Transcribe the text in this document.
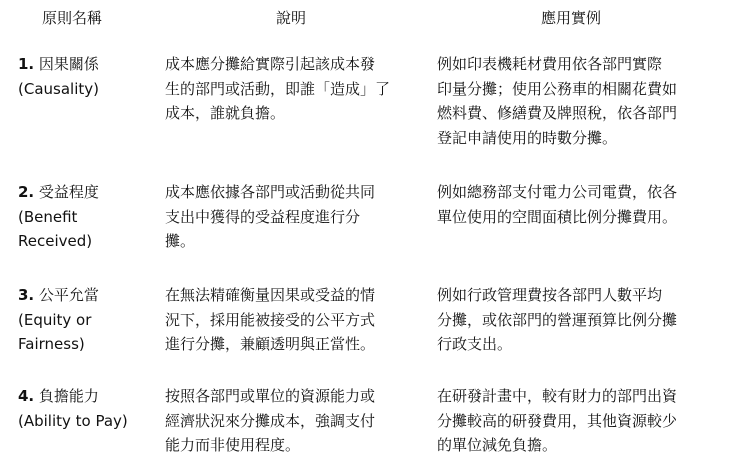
原則名稱	說明	應用實例
1. 因果關係
(Causality)
成本應分攤給實際引起該成本發
生的部門或活動，即誰「造成」了
成本，誰就負擔。
例如印表機耗材費用依各部門實際
印量分攤；使用公務車的相關花費如
燃料費、修繕費及牌照稅，依各部門
登記申請使用的時數分攤。
2. 受益程度
(Benefit
Received)
成本應依據各部門或活動從共同
支出中獲得的受益程度進行分
攤。
例如總務部支付電力公司電費，依各
單位使用的空間面積比例分攤費用。
3. 公平允當
(Equity or
Fairness)
在無法精確衡量因果或受益的情
況下，採用能被接受的公平方式
進行分攤，兼顧透明與正當性。
例如行政管理費按各部門人數平均
分攤，或依部門的營運預算比例分攤
行政支出。
4. 負擔能力
(Ability to Pay)
按照各部門或單位的資源能力或
經濟狀況來分攤成本，強調支付
能力而非使用程度。
在研發計畫中，較有財力的部門出資
分攤較高的研發費用，其他資源較少
的單位減免負擔。
